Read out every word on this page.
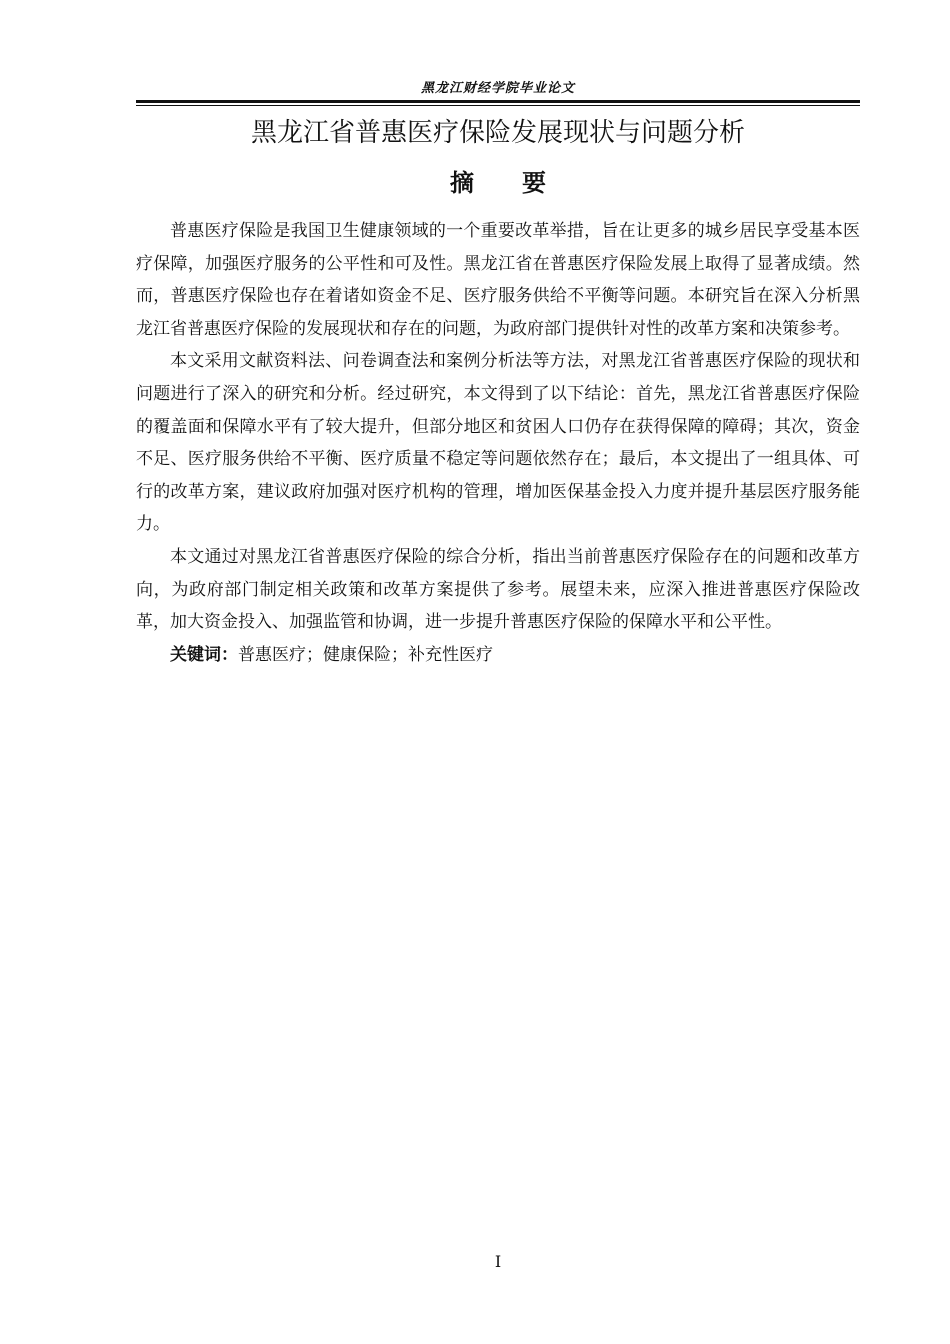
黑龙江财经学院毕业论文
黑龙江省普惠医疗保险发展现状与问题分析
摘 要

普惠医疗保险是我国卫生健康领域的一个重要改革举措，旨在让更多的城乡居民享受基本医疗保障，加强医疗服务的公平性和可及性。黑龙江省在普惠医疗保险发展上取得了显著成绩。然而，普惠医疗保险也存在着诸如资金不足、医疗服务供给不平衡等问题。本研究旨在深入分析黑龙江省普惠医疗保险的发展现状和存在的问题，为政府部门提供针对性的改革方案和决策参考。

本文采用文献资料法、问卷调查法和案例分析法等方法，对黑龙江省普惠医疗保险的现状和问题进行了深入的研究和分析。经过研究，本文得到了以下结论：首先，黑龙江省普惠医疗保险的覆盖面和保障水平有了较大提升，但部分地区和贫困人口仍存在获得保障的障碍；其次，资金不足、医疗服务供给不平衡、医疗质量不稳定等问题依然存在；最后，本文提出了一组具体、可行的改革方案，建议政府加强对医疗机构的管理，增加医保基金投入力度并提升基层医疗服务能力。

本文通过对黑龙江省普惠医疗保险的综合分析，指出当前普惠医疗保险存在的问题和改革方向，为政府部门制定相关政策和改革方案提供了参考。展望未来，应深入推进普惠医疗保险改革，加大资金投入、加强监管和协调，进一步提升普惠医疗保险的保障水平和公平性。

关键词：普惠医疗；健康保险；补充性医疗

I
